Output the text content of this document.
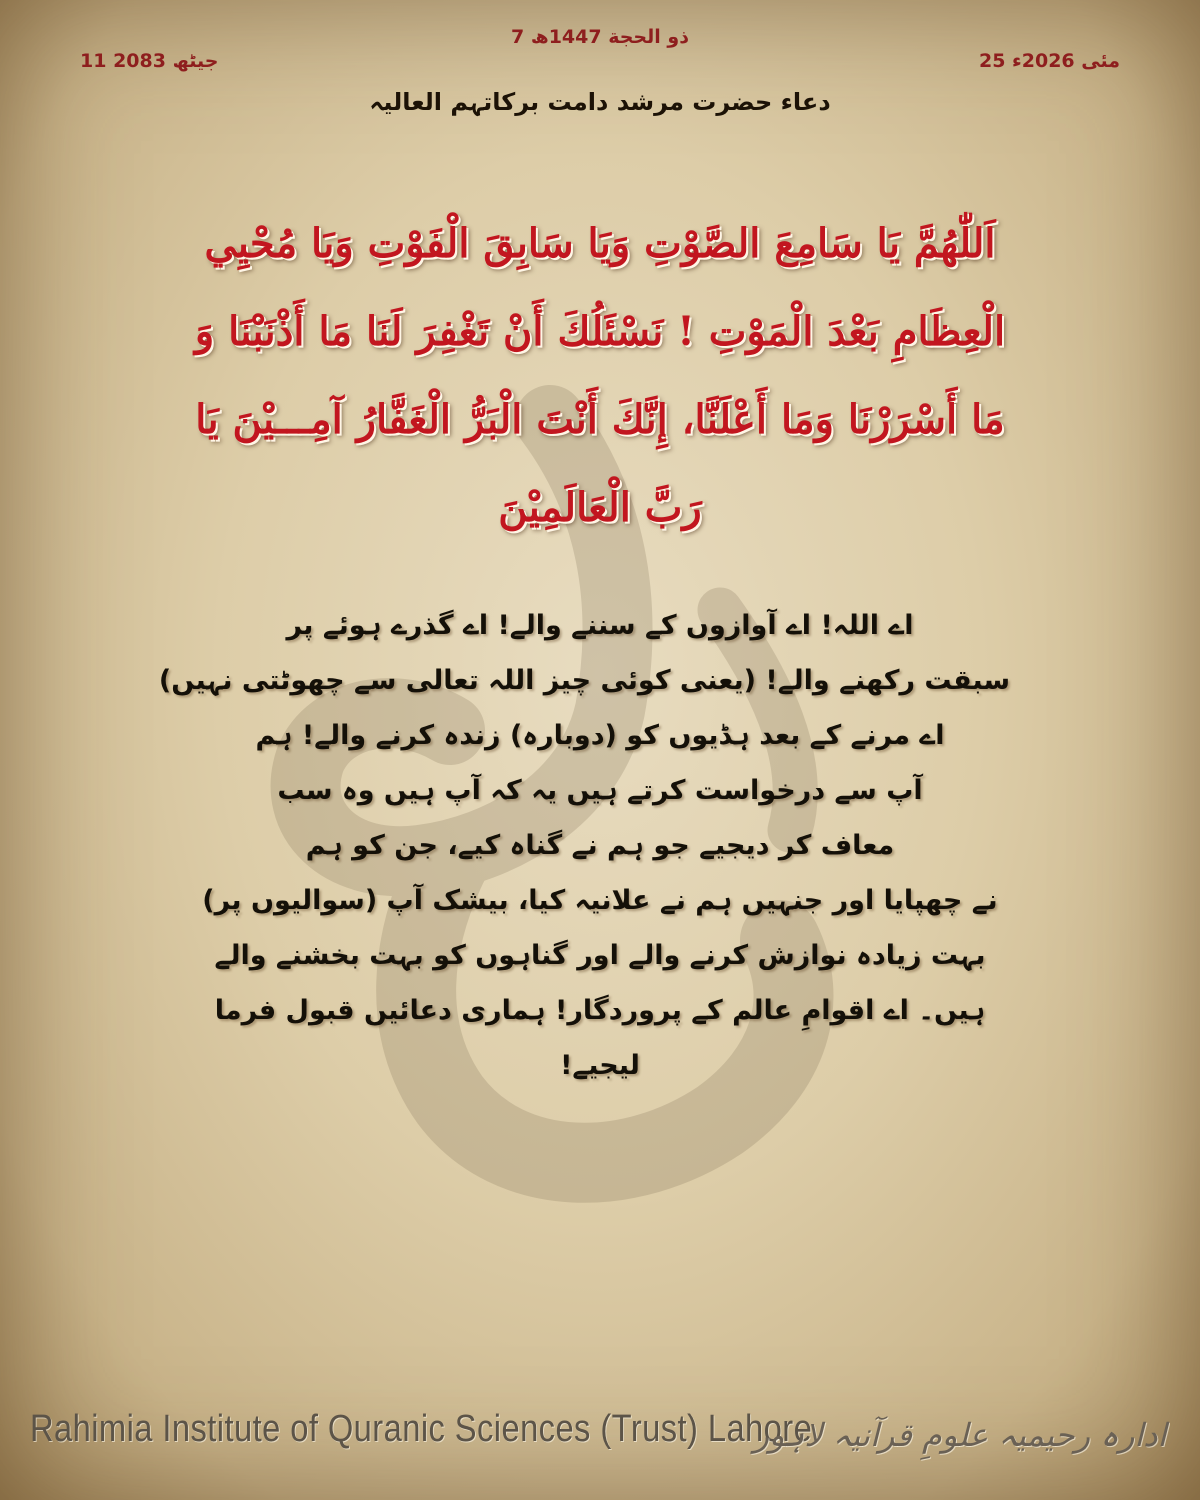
7 ذو الحجة 1447ھ
25 مئی 2026ء
11 جیٹھ 2083
دعاء حضرت مرشد دامت برکاتہم العالیہ
اَللّٰهُمَّ يَا سَامِعَ الصَّوْتِ وَيَا سَابِقَ الْفَوْتِ وَيَا مُحْيِي
الْعِظَامِ بَعْدَ الْمَوْتِ ! نَسْئَلُكَ أَنْ تَغْفِرَ لَنَا مَا أَذْنَبْنَا وَ
مَا أَسْرَرْنَا وَمَا أَعْلَنَّا، إِنَّكَ أَنْتَ الْبَرُّ الْغَفَّارُ آمِـــيْنَ يَا
رَبَّ الْعَالَمِيْنَ
اے اللہ! اے آوازوں کے سننے والے! اے گذرے ہوئے پر
سبقت رکھنے والے! (یعنی کوئی چیز اللہ تعالی سے چھوٹتی نہیں)
اے مرنے کے بعد ہڈیوں کو (دوبارہ) زندہ کرنے والے! ہم
آپ سے درخواست کرتے ہیں یہ کہ آپ ہیں وہ سب
معاف کر دیجیے جو ہم نے گناہ کیے، جن کو ہم
نے چھپایا اور جنہیں ہم نے علانیہ کیا، بیشک آپ (سوالیوں پر)
بہت زیادہ نوازش کرنے والے اور گناہوں کو بہت بخشنے والے
ہیں۔ اے اقوامِ عالم کے پروردگار! ہماری دعائیں قبول فرما
لیجیے!
Rahimia Institute of Quranic Sciences (Trust) Lahore
ادارہ رحیمیہ علومِ قرآنیہ لاہور
